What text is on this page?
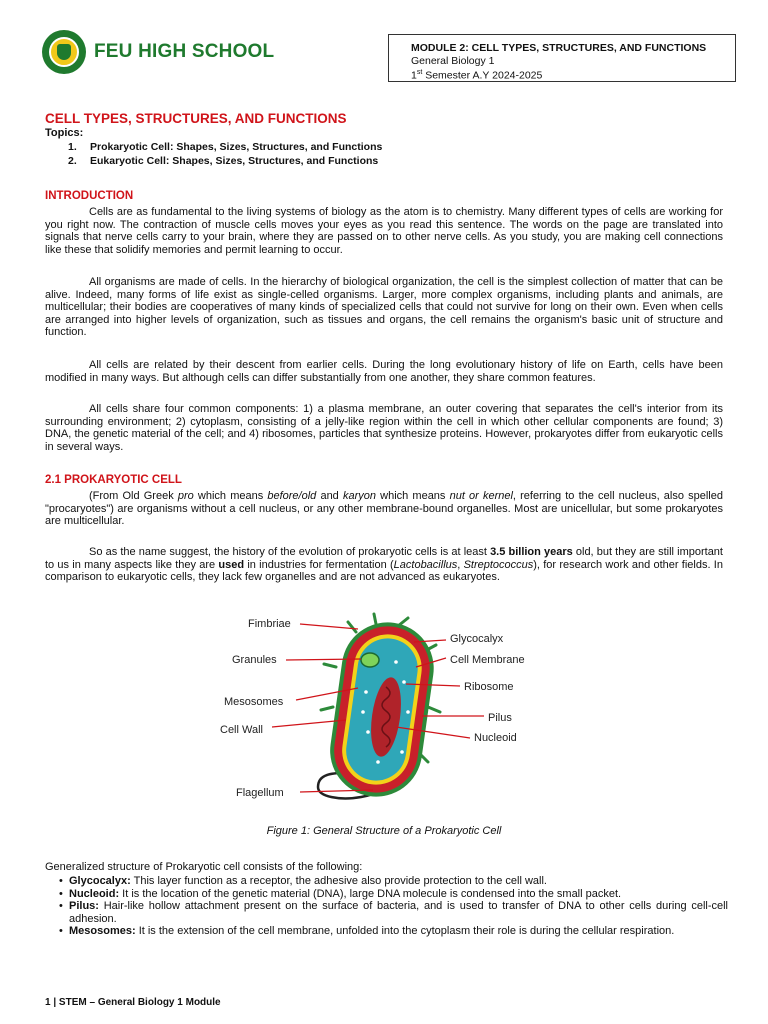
FEU HIGH SCHOOL	MODULE 2: CELL TYPES, STRUCTURES, AND FUNCTIONS
General Biology 1
1st Semester A.Y 2024-2025
CELL TYPES, STRUCTURES, AND FUNCTIONS
Topics:
1. Prokaryotic Cell: Shapes, Sizes, Structures, and Functions
2. Eukaryotic Cell: Shapes, Sizes, Structures, and Functions
INTRODUCTION

Cells are as fundamental to the living systems of biology as the atom is to chemistry. Many different types of cells are working for you right now. The contraction of muscle cells moves your eyes as you read this sentence. The words on the page are translated into signals that nerve cells carry to your brain, where they are passed on to other nerve cells. As you study, you are making cell connections like these that solidify memories and permit learning to occur.

All organisms are made of cells. In the hierarchy of biological organization, the cell is the simplest collection of matter that can be alive. Indeed, many forms of life exist as single-celled organisms. Larger, more complex organisms, including plants and animals, are multicellular; their bodies are cooperatives of many kinds of specialized cells that could not survive for long on their own. Even when cells are arranged into higher levels of organization, such as tissues and organs, the cell remains the organism's basic unit of structure and function.

All cells are related by their descent from earlier cells. During the long evolutionary history of life on Earth, cells have been modified in many ways. But although cells can differ substantially from one another, they share common features.

All cells share four common components: 1) a plasma membrane, an outer covering that separates the cell's interior from its surrounding environment; 2) cytoplasm, consisting of a jelly-like region within the cell in which other cellular components are found; 3) DNA, the genetic material of the cell; and 4) ribosomes, particles that synthesize proteins. However, prokaryotes differ from eukaryotic cells in several ways.

2.1 PROKARYOTIC CELL

(From Old Greek pro which means before/old and karyon which means nut or kernel, referring to the cell nucleus, also spelled "procaryotes") are organisms without a cell nucleus, or any other membrane-bound organelles. Most are unicellular, but some prokaryotes are multicellular.

So as the name suggest, the history of the evolution of prokaryotic cells is at least 3.5 billion years old, but they are still important to us in many aspects like they are used in industries for fermentation (Lactobacillus, Streptococcus), for research work and other fields. In comparison to eukaryotic cells, they lack few organelles and are not advanced as eukaryotes.

Fimbriae
Granules
Mesosomes
Cell Wall
Flagellum
Glycocalyx
Cell Membrane
Ribosome
Pilus
Nucleoid
Figure 1: General Structure of a Prokaryotic Cell
Generalized structure of Prokaryotic cell consists of the following:
• Glycocalyx: This layer function as a receptor, the adhesive also provide protection to the cell wall.
• Nucleoid: It is the location of the genetic material (DNA), large DNA molecule is condensed into the small packet.
• Pilus: Hair-like hollow attachment present on the surface of bacteria, and is used to transfer of DNA to other cells during cell-cell adhesion.
• Mesosomes: It is the extension of the cell membrane, unfolded into the cytoplasm their role is during the cellular respiration.
1 | STEM – General Biology 1 Module
